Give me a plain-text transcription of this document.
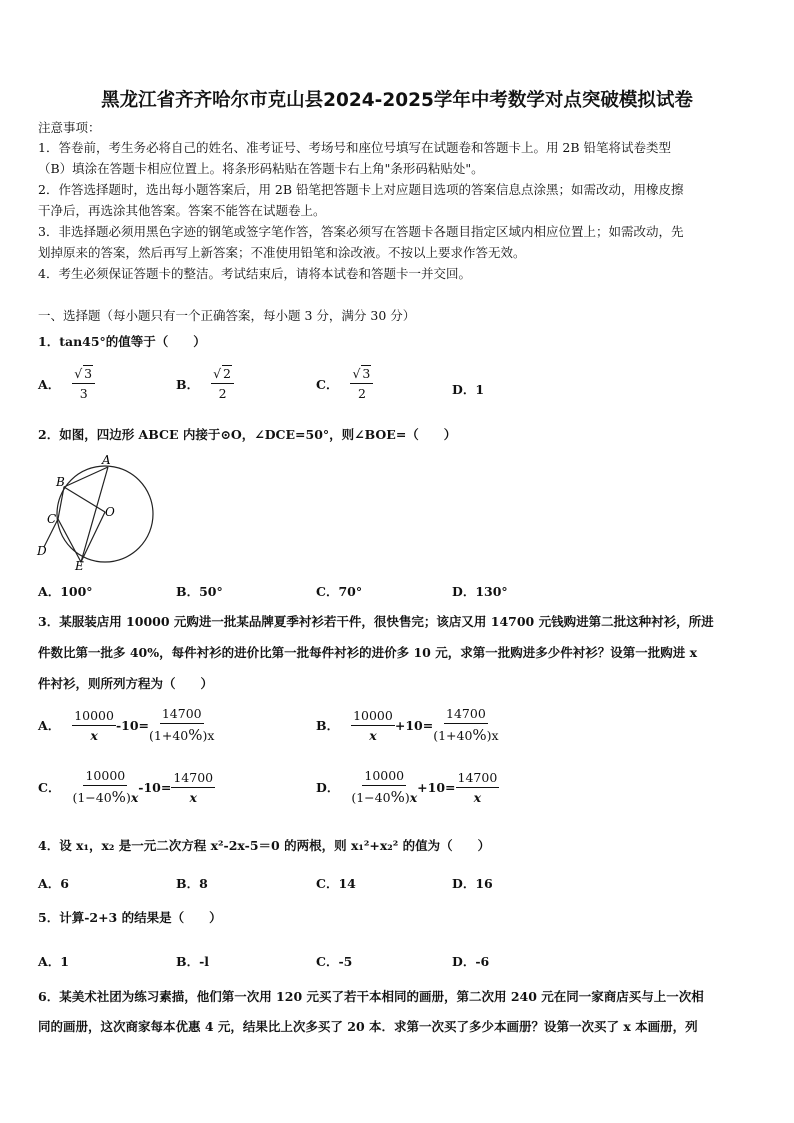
黑龙江省齐齐哈尔市克山县2024-2025学年中考数学对点突破模拟试卷
注意事项：
1．答卷前，考生务必将自己的姓名、准考证号、考场号和座位号填写在试题卷和答题卡上。用 2B 铅笔将试卷类型
（B）填涂在答题卡相应位置上。将条形码粘贴在答题卡右上角"条形码粘贴处"。
2．作答选择题时，选出每小题答案后，用 2B 铅笔把答题卡上对应题目选项的答案信息点涂黑；如需改动，用橡皮擦
干净后，再选涂其他答案。答案不能答在试题卷上。
3．非选择题必须用黑色字迹的钢笔或签字笔作答，答案必须写在答题卡各题目指定区域内相应位置上；如需改动，先
划掉原来的答案，然后再写上新答案；不准使用铅笔和涂改液。不按以上要求作答无效。
4．考生必须保证答题卡的整洁。考试结束后，请将本试卷和答题卡一并交回。
一、选择题（每小题只有一个正确答案，每小题 3 分，满分 30 分）
1．tan45°的值等于（　　）
A． $\frac{√ 3}{3}$	B． $\frac{√ 2}{2}$	C． $\frac{√ 3}{2}$	D．1
2．如图，四边形 ABCE 内接于⊙O，∠DCE=50°，则∠BOE=（　　）
A
B
C	O
D
E
A．100°	B．50°	C．70°	D．130°
3．某服装店用 10000 元购进一批某品牌夏季衬衫若干件，很快售完；该店又用 14700 元钱购进第二批这种衬衫，所进
件数比第一批多 40%，每件衬衫的进价比第一批每件衬衫的进价多 10 元，求第一批购进多少件衬衫？设第一批购进 x
件衬衫，则所列方程为（　　）
A． $\frac{10000}{x} -10= \frac{14700}{(1+40\%)x}$	B． $\frac{10000}{x} +10= \frac{14700}{(1+40\%)x}$
C． $\frac{10000}{(1-40\%)x} -10= \frac{14700}{x}$	D． $\frac{10000}{(1-40\%)x} +10= \frac{14700}{x}$
4．设 x₁，x₂ 是一元二次方程 x²-2x-5＝0 的两根，则 x₁²+x₂² 的值为（　　）
A．6	B．8	C．14	D．16
5．计算-2+3 的结果是（　　）
A．1	B．-l	C．-5	D．-6
6．某美术社团为练习素描，他们第一次用 120 元买了若干本相同的画册，第二次用 240 元在同一家商店买与上一次相
同的画册，这次商家每本优惠 4 元，结果比上次多买了 20 本．求第一次买了多少本画册？设第一次买了 x 本画册，列
